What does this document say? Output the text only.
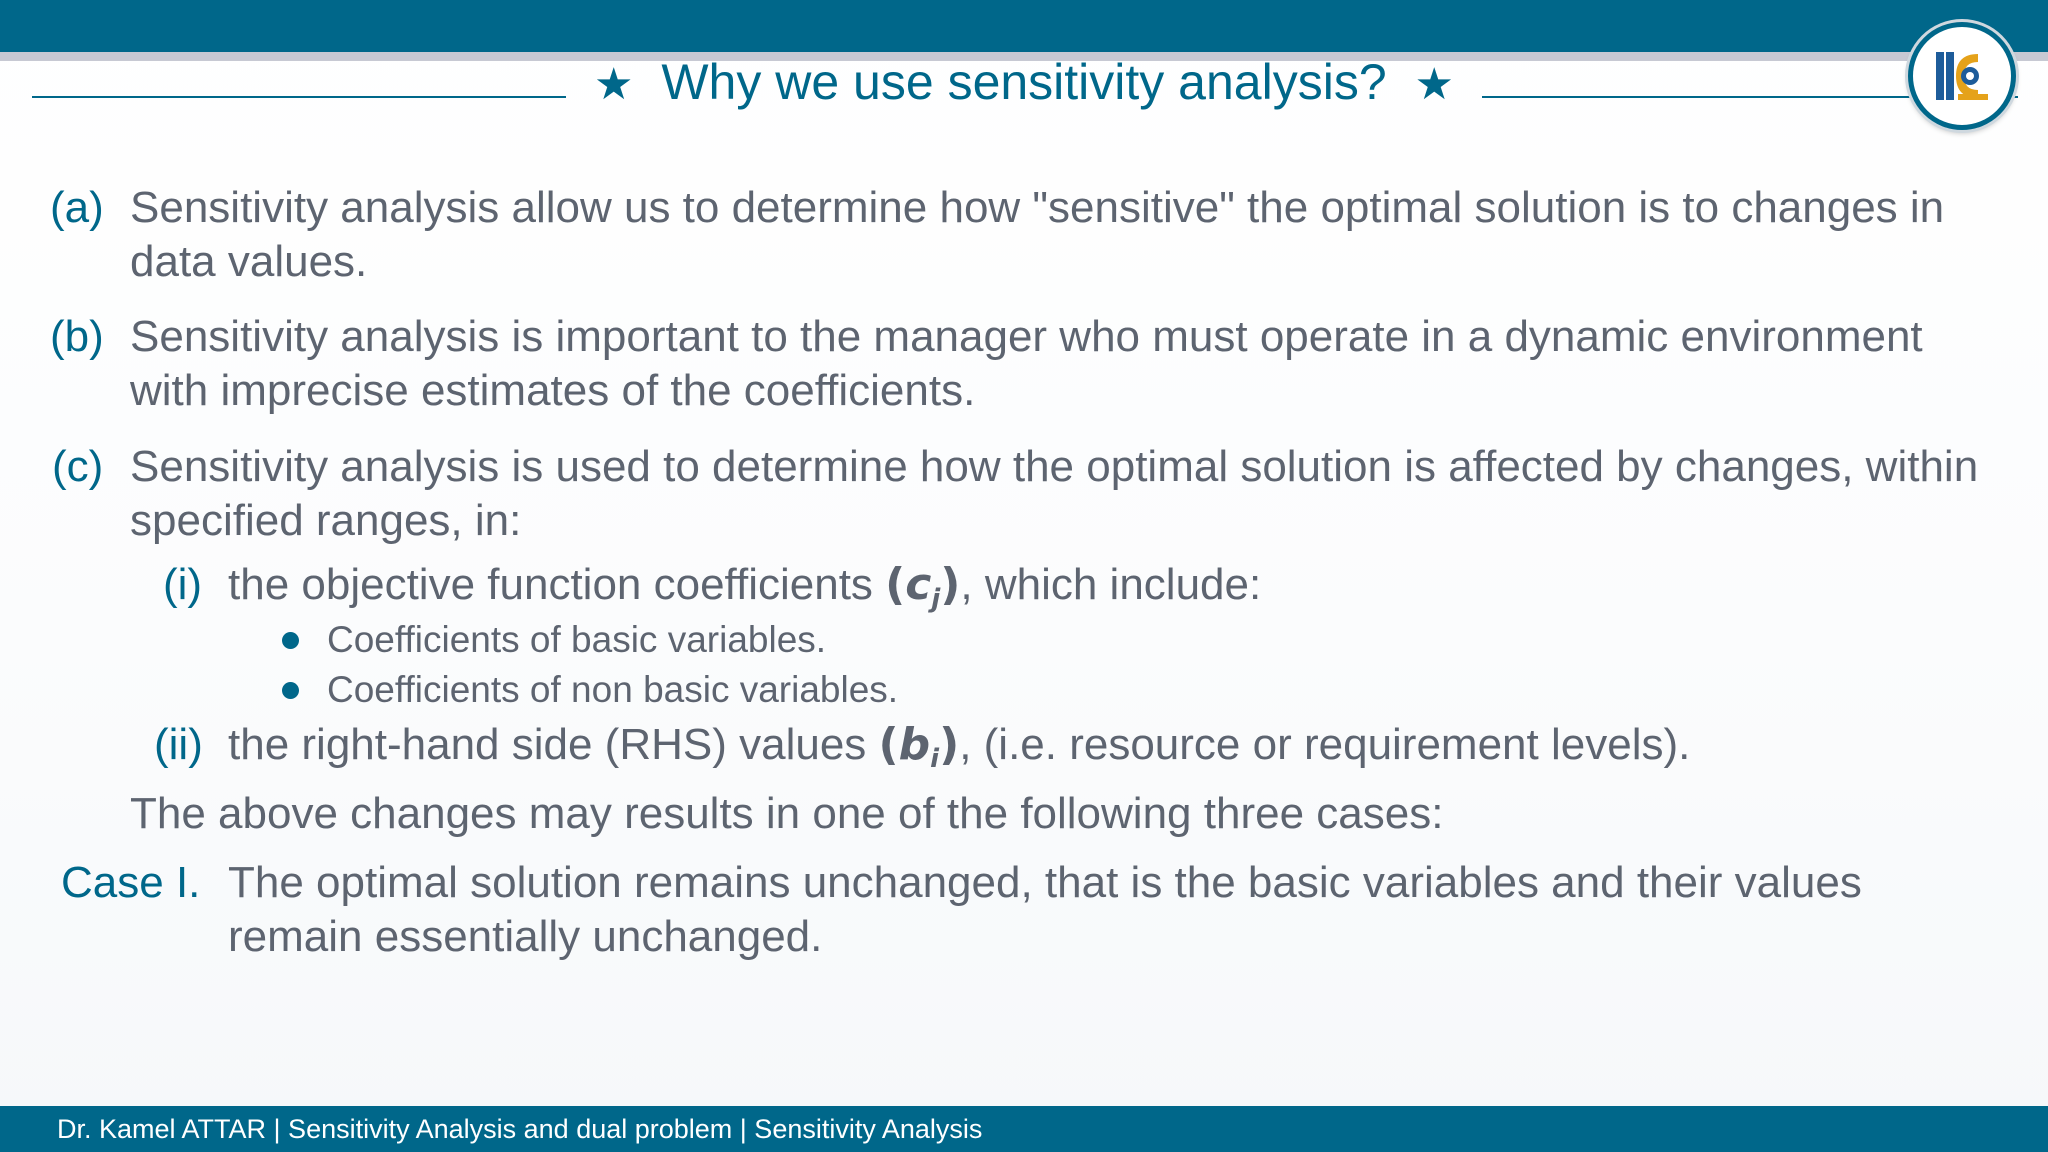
★ Why we use sensitivity analysis? ★
(a) Sensitivity analysis allow us to determine how "sensitive" the optimal solution is to changes in
data values.
(b) Sensitivity analysis is important to the manager who must operate in a dynamic environment
with imprecise estimates of the coefficients.
(c) Sensitivity analysis is used to determine how the optimal solution is affected by changes, within
specified ranges, in:
(i) the objective function coefficients $(c_j)$, which include:
Coefficients of basic variables.
Coefficients of non basic variables.
(ii) the right-hand side (RHS) values $(b_i)$, (i.e. resource or requirement levels).
The above changes may results in one of the following three cases:
Case I. The optimal solution remains unchanged, that is the basic variables and their values
remain essentially unchanged.
Dr. Kamel ATTAR | Sensitivity Analysis and dual problem | Sensitivity Analysis
